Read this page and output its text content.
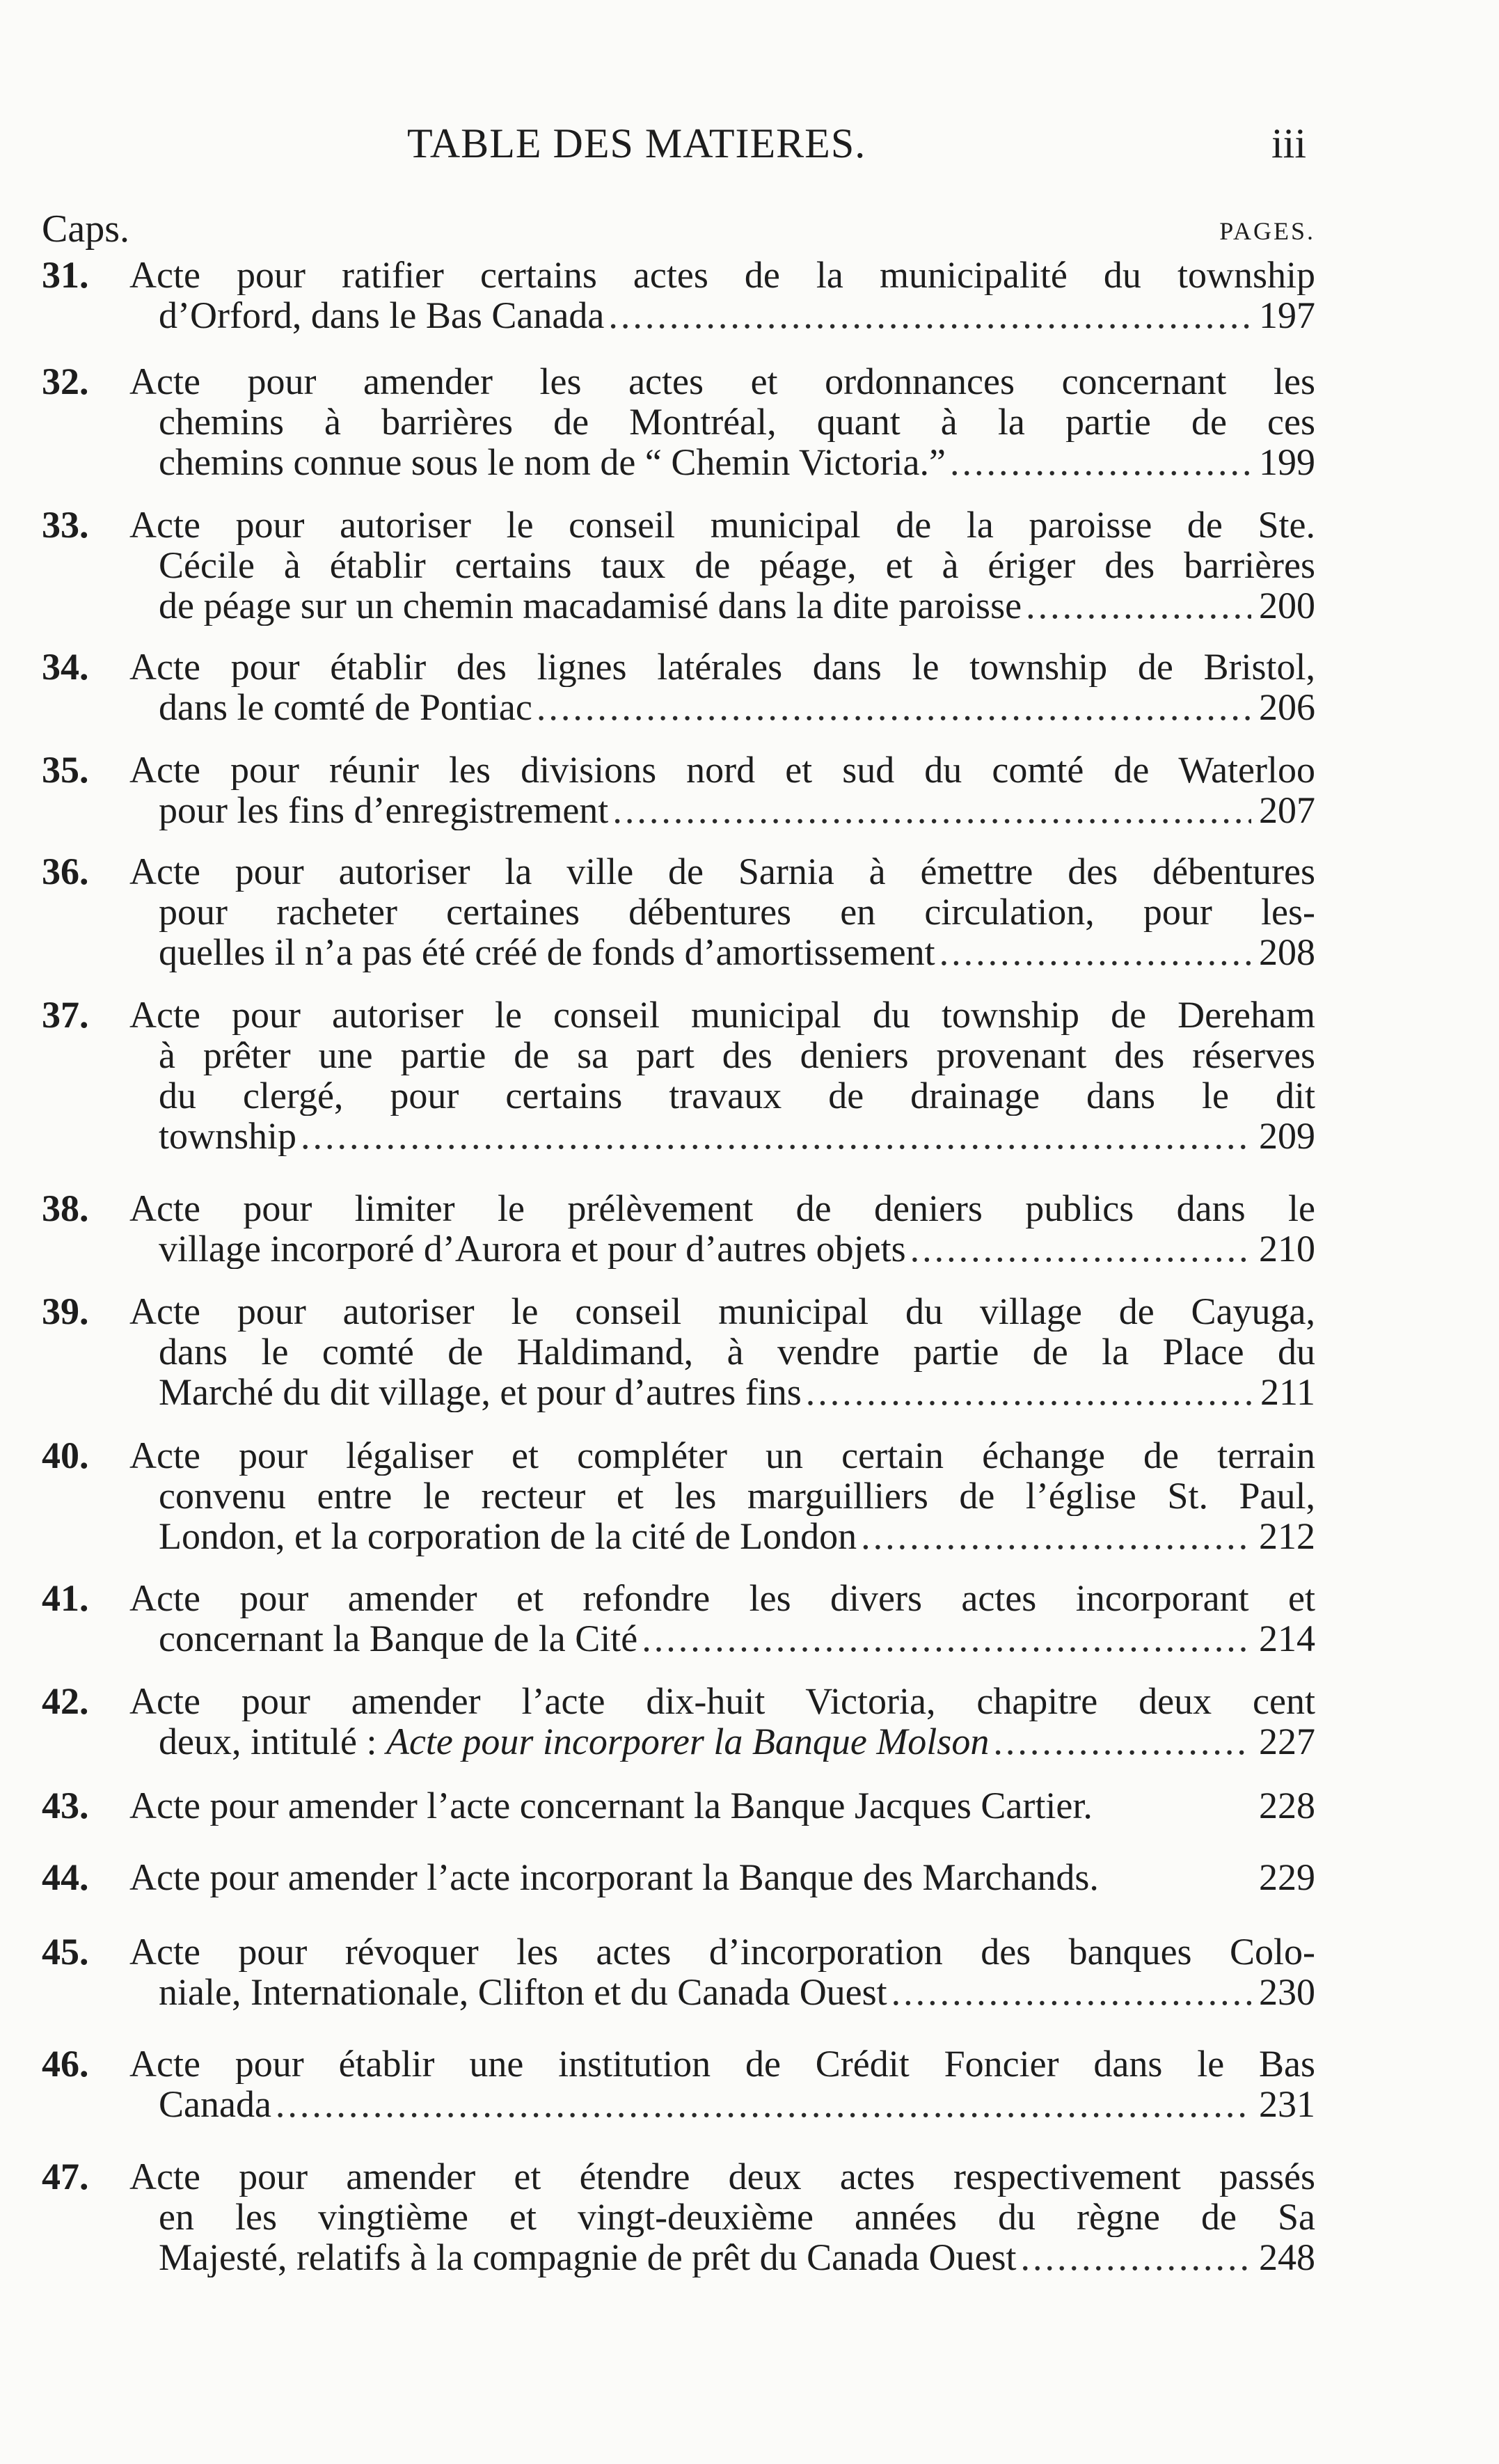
TABLE DES MATIERES.	iii
Caps.	PAGES.
31. Acte pour ratifier certains actes de la municipalité du township
d’Orford, dans le Bas Canada .....	197
32. Acte pour amender les actes et ordonnances concernant les
chemins à barrières de Montréal, quant à la partie de ces
chemins connue sous le nom de “ Chemin Victoria.” .....	199
33. Acte pour autoriser le conseil municipal de la paroisse de Ste.
Cécile à établir certains taux de péage, et à ériger des barrières
de péage sur un chemin macadamisé dans la dite paroisse .....	200
34. Acte pour établir des lignes latérales dans le township de Bristol,
dans le comté de Pontiac .....	206
35. Acte pour réunir les divisions nord et sud du comté de Waterloo
pour les fins d’enregistrement .....	207
36. Acte pour autoriser la ville de Sarnia à émettre des débentures
pour racheter certaines débentures en circulation, pour les-
quelles il n’a pas été créé de fonds d’amortissement .....	208
37. Acte pour autoriser le conseil municipal du township de Dereham
à prêter une partie de sa part des deniers provenant des réserves
du clergé, pour certains travaux de drainage dans le dit
township .....	209
38. Acte pour limiter le prélèvement de deniers publics dans le
village incorporé d’Aurora et pour d’autres objets .....	210
39. Acte pour autoriser le conseil municipal du village de Cayuga,
dans le comté de Haldimand, à vendre partie de la Place du
Marché du dit village, et pour d’autres fins .....	211
40. Acte pour légaliser et compléter un certain échange de terrain
convenu entre le recteur et les marguilliers de l’église St. Paul,
London, et la corporation de la cité de London .....	212
41. Acte pour amender et refondre les divers actes incorporant et
concernant la Banque de la Cité .....	214
42. Acte pour amender l’acte dix-huit Victoria, chapitre deux cent
deux, intitulé : Acte pour incorporer la Banque Molson .....	227
43. Acte pour amender l’acte concernant la Banque Jacques Cartier.	228
44. Acte pour amender l’acte incorporant la Banque des Marchands.	229
45. Acte pour révoquer les actes d’incorporation des banques Colo-
niale, Internationale, Clifton et du Canada Ouest .....	230
46. Acte pour établir une institution de Crédit Foncier dans le Bas
Canada .....	231
47. Acte pour amender et étendre deux actes respectivement passés
en les vingtième et vingt-deuxième années du règne de Sa
Majesté, relatifs à la compagnie de prêt du Canada Ouest .....	248
